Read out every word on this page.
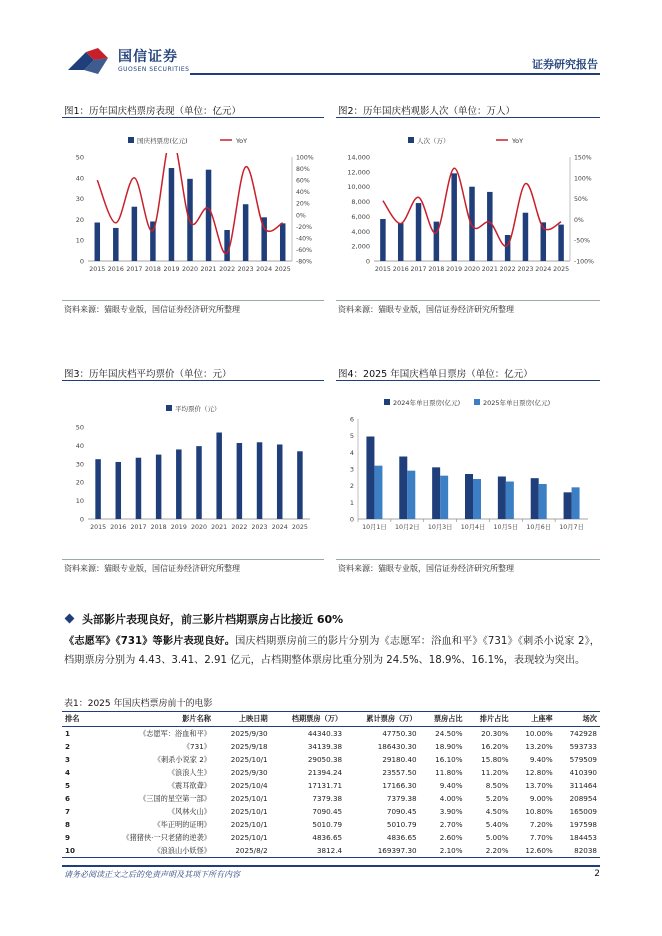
国信证券
GUOSEN SECURITIES	证券研究报告
图1：历年国庆档票房表现（单位：亿元）
国庆档票房(亿元)	YoY
50
40
30
20
10
0
100%
80%
60%
40%
20%
0%
-20%
-40%
-60%
-80%
2015 2016 2017 2018 2019 2020 2021 2022 2023 2024 2025
资料来源：猫眼专业版，国信证券经济研究所整理
图2：历年国庆档观影人次（单位：万人）
人次（万）	YoY
14,000
12,000
10,000
8,000
6,000
4,000
2,000
0
150%
100%
50%
0%
-50%
-100%
2015 2016 2017 2018 2019 2020 2021 2022 2023 2024 2025
资料来源：猫眼专业版，国信证券经济研究所整理
图3：历年国庆档平均票价（单位：元）
平均票价（元）
50
40
30
20
10
0
2015 2016 2017 2018 2019 2020 2021 2022 2023 2024 2025
资料来源：猫眼专业版，国信证券经济研究所整理
图4：2025 年国庆档单日票房（单位：亿元）
2024年单日票房(亿元)	2025年单日票房(亿元)
6
5
4
3
2
1
0
10月1日 10月2日 10月3日 10月4日 10月5日 10月6日 10月7日
资料来源：猫眼专业版，国信证券经济研究所整理
头部影片表现良好，前三影片档期票房占比接近 60%
《志愿军》《731》等影片表现良好。国庆档期票房前三的影片分别为《志愿军：浴血和平》《731》《刺杀小说家 2》，档期票房分别为 4.43、3.41、2.91 亿元，占档期整体票房比重分别为 24.5%、18.9%、16.1%，表现较为突出。
表1：2025 年国庆档票房前十的电影
排名	影片名称	上映日期	档期票房（万）	累计票房（万）	票房占比	排片占比	上座率	场次
1	《志愿军：浴血和平》	2025/9/30	44340.33	47750.30	24.50%	20.30%	10.00%	742928
2	《731》	2025/9/18	34139.38	186430.30	18.90%	16.20%	13.20%	593733
3	《刺杀小说家 2》	2025/10/1	29050.38	29180.40	16.10%	15.80%	9.40%	579509
4	《浪浪人生》	2025/9/30	21394.24	23557.50	11.80%	11.20%	12.80%	410390
5	《震耳欲聋》	2025/10/4	17131.71	17166.30	9.40%	8.50%	13.70%	311464
6	《三国的星空第一部》	2025/10/1	7379.38	7379.38	4.00%	5.20%	9.00%	208954
7	《风林火山》	2025/10/1	7090.45	7090.45	3.90%	4.50%	10.80%	165009
8	《毕正明的证明》	2025/10/1	5010.79	5010.79	2.70%	5.40%	7.20%	197598
9	《猪猪侠·一只老猪的逆袭》	2025/10/1	4836.65	4836.65	2.60%	5.00%	7.70%	184453
10	《浪浪山小妖怪》	2025/8/2	3812.4	169397.30	2.10%	2.20%	12.60%	82038
请务必阅读正文之后的免责声明及其项下所有内容	2
